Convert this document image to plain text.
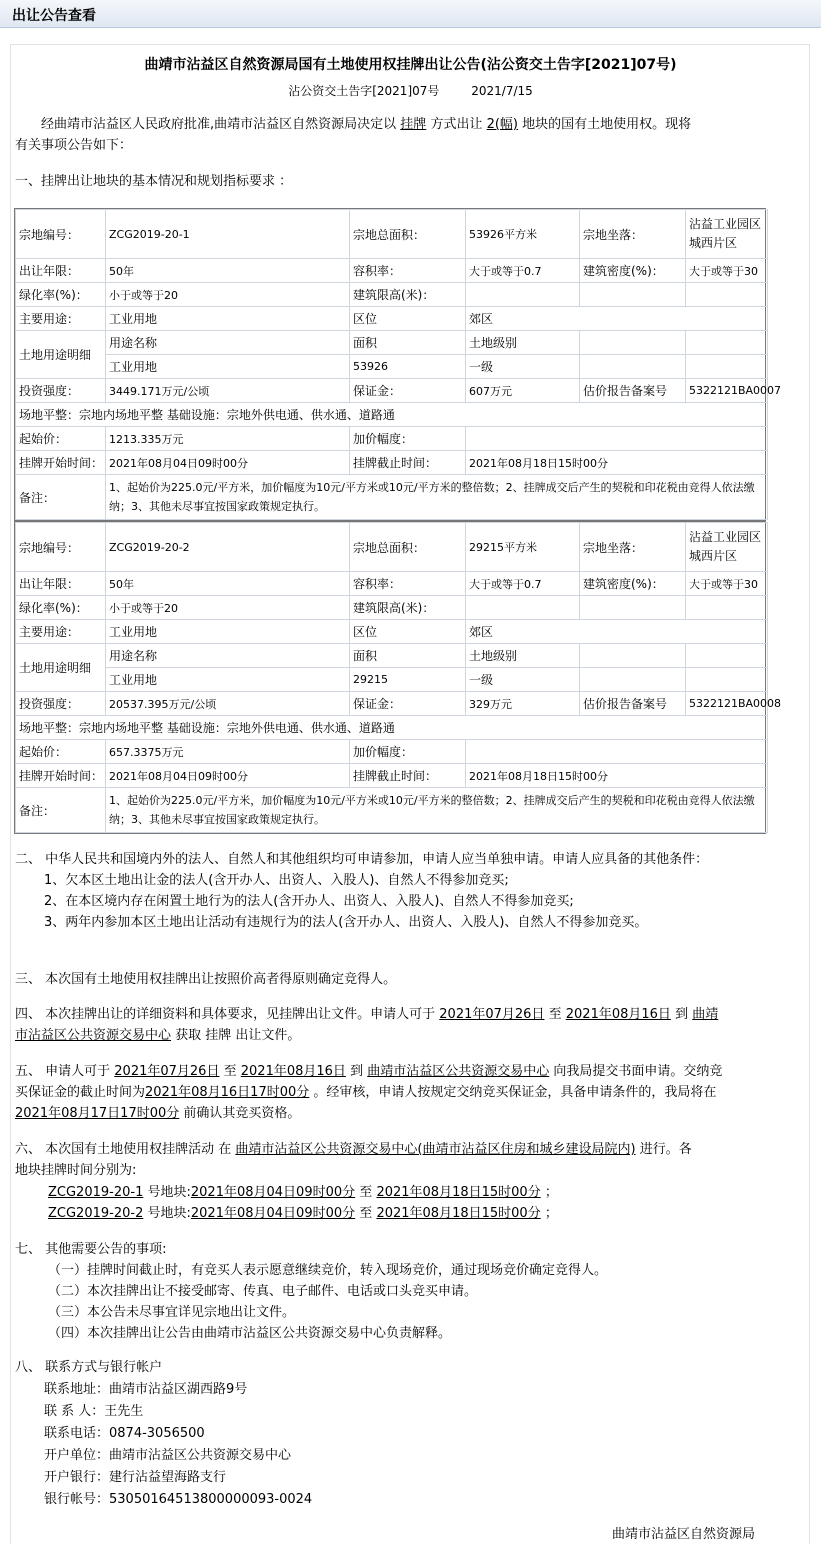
出让公告查看
曲靖市沾益区自然资源局国有土地使用权挂牌出让公告(沾公资交土告字[2021]07号)
沾公资交土告字[2021]07号	2021/7/15
经曲靖市沾益区人民政府批准,曲靖市沾益区自然资源局决定以 挂牌 方式出让 2(幅) 地块的国有土地使用权。现将
有关事项公告如下：
一、挂牌出让地块的基本情况和规划指标要求 ：
宗地编号：	ZCG2019-20-1	宗地总面积：	53926平方米	宗地坐落：	沾益工业园区城西片区
出让年限：	50年	容积率：	大于或等于0.7	建筑密度(%)：	大于或等于30
绿化率(%)：	小于或等于20	建筑限高(米)：			
主要用途：	工业用地	区位	郊区		
土地用途明细	用途名称	面积	土地级别		
	工业用地	53926	一级		
投资强度：	3449.171万元/公顷	保证金：	607万元	估价报告备案号	5322121BA0007
场地平整：宗地内场地平整 基础设施：宗地外供电通、供水通、道路通					
起始价：	1213.335万元	加价幅度：			
挂牌开始时间：	2021年08月04日09时00分	挂牌截止时间：	2021年08月18日15时00分		
备注：	1、起始价为225.0元/平方米，加价幅度为10元/平方米或10元/平方米的整倍数；2、挂牌成交后产生的契税和印花税由竞得人依法缴纳；3、其他未尽事宜按国家政策规定执行。				
宗地编号：	ZCG2019-20-2	宗地总面积：	29215平方米	宗地坐落：	沾益工业园区城西片区
出让年限：	50年	容积率：	大于或等于0.7	建筑密度(%)：	大于或等于30
绿化率(%)：	小于或等于20	建筑限高(米)：			
主要用途：	工业用地	区位	郊区		
土地用途明细	用途名称	面积	土地级别		
	工业用地	29215	一级		
投资强度：	20537.395万元/公顷	保证金：	329万元	估价报告备案号	5322121BA0008
场地平整：宗地内场地平整 基础设施：宗地外供电通、供水通、道路通					
起始价：	657.3375万元	加价幅度：			
挂牌开始时间：	2021年08月04日09时00分	挂牌截止时间：	2021年08月18日15时00分		
备注：	1、起始价为225.0元/平方米，加价幅度为10元/平方米或10元/平方米的整倍数；2、挂牌成交后产生的契税和印花税由竞得人依法缴纳；3、其他未尽事宜按国家政策规定执行。				
二、 中华人民共和国境内外的法人、自然人和其他组织均可申请参加，申请人应当单独申请。申请人应具备的其他条件：
1、欠本区土地出让金的法人(含开办人、出资人、入股人)、自然人不得参加竞买;
2、在本区境内存在闲置土地行为的法人(含开办人、出资人、入股人)、自然人不得参加竞买;
3、两年内参加本区土地出让活动有违规行为的法人(含开办人、出资人、入股人)、自然人不得参加竞买。
三、 本次国有土地使用权挂牌出让按照价高者得原则确定竞得人。
四、 本次挂牌出让的详细资料和具体要求，见挂牌出让文件。申请人可于 2021年07月26日 至 2021年08月16日 到 曲靖
市沾益区公共资源交易中心 获取 挂牌 出让文件。
五、 申请人可于 2021年07月26日 至 2021年08月16日 到 曲靖市沾益区公共资源交易中心 向我局提交书面申请。交纳竞
买保证金的截止时间为2021年08月16日17时00分 。经审核，申请人按规定交纳竞买保证金，具备申请条件的，我局将在
2021年08月17日17时00分 前确认其竞买资格。
六、 本次国有土地使用权挂牌活动 在 曲靖市沾益区公共资源交易中心(曲靖市沾益区住房和城乡建设局院内) 进行。各
地块挂牌时间分别为:
ZCG2019-20-1 号地块:2021年08月04日09时00分 至 2021年08月18日15时00分 ；
ZCG2019-20-2 号地块:2021年08月04日09时00分 至 2021年08月18日15时00分 ；
七、 其他需要公告的事项:
（一）挂牌时间截止时，有竞买人表示愿意继续竞价，转入现场竞价，通过现场竞价确定竞得人。
（二）本次挂牌出让不接受邮寄、传真、电子邮件、电话或口头竞买申请。
（三）本公告未尽事宜详见宗地出让文件。
（四）本次挂牌出让公告由曲靖市沾益区公共资源交易中心负责解释。
八、 联系方式与银行帐户
联系地址：曲靖市沾益区湖西路9号
联 系 人：王先生
联系电话：0874-3056500
开户单位：曲靖市沾益区公共资源交易中心
开户银行：建行沾益望海路支行
银行帐号：53050164513800000093-0024
曲靖市沾益区自然资源局
